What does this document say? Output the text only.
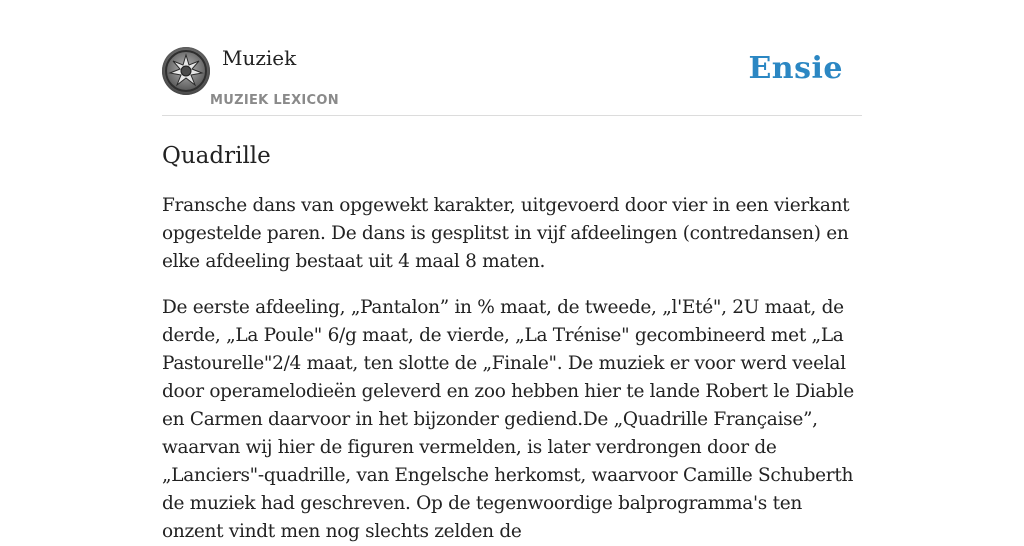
Muziek
MUZIEK LEXICON
Ensie
Quadrille

Fransche dans van opgewekt karakter, uitgevoerd door vier in een vierkant opgestelde paren. De dans is gesplitst in vijf afdeelingen (contredansen) en elke afdeeling bestaat uit 4 maal 8 maten.

De eerste afdeeling, „Pantalon” in % maat, de tweede, „l'Eté", 2U maat, de derde, „La Poule" 6/g maat, de vierde, „La Trénise" gecombineerd met „La Pastourelle"2/4 maat, ten slotte de „Finale". De muziek er voor werd veelal door operamelodieën geleverd en zoo hebben hier te lande Robert le Diable en Carmen daarvoor in het bijzonder gediend.De „Quadrille Française”, waarvan wij hier de figuren vermelden, is later verdrongen door de „Lanciers"-quadrille, van Engelsche herkomst, waarvoor Camille Schuberth de muziek had geschreven. Op de tegenwoordige balprogramma's ten onzent vindt men nog slechts zelden de
